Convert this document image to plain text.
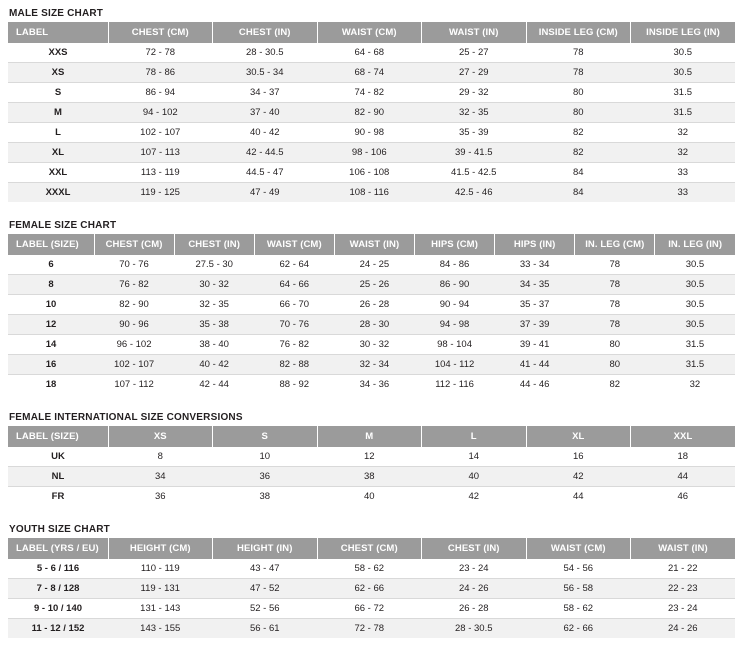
MALE SIZE CHART
LABEL	CHEST (CM)	CHEST (IN)	WAIST (CM)	WAIST (IN)	INSIDE LEG (CM)	INSIDE LEG (IN)
XXS	72 - 78	28 - 30.5	64 - 68	25 - 27	78	30.5
XS	78 - 86	30.5 - 34	68 - 74	27 - 29	78	30.5
S	86 - 94	34 - 37	74 - 82	29 - 32	80	31.5
M	94 - 102	37 - 40	82 - 90	32 - 35	80	31.5
L	102 - 107	40 - 42	90 - 98	35 - 39	82	32
XL	107 - 113	42 - 44.5	98 - 106	39 - 41.5	82	32
XXL	113 - 119	44.5 - 47	106 - 108	41.5 - 42.5	84	33
XXXL	119 - 125	47 - 49	108 - 116	42.5 - 46	84	33
FEMALE SIZE CHART
LABEL (SIZE)	CHEST (CM)	CHEST (IN)	WAIST (CM)	WAIST (IN)	HIPS (CM)	HIPS (IN)	IN. LEG (CM)	IN. LEG (IN)
6	70 - 76	27.5 - 30	62 - 64	24 - 25	84 - 86	33 - 34	78	30.5
8	76 - 82	30 - 32	64 - 66	25 - 26	86 - 90	34 - 35	78	30.5
10	82 - 90	32 - 35	66 - 70	26 - 28	90 - 94	35 - 37	78	30.5
12	90 - 96	35 - 38	70 - 76	28 - 30	94 - 98	37 - 39	78	30.5
14	96 - 102	38 - 40	76 - 82	30 - 32	98 - 104	39 - 41	80	31.5
16	102 - 107	40 - 42	82 - 88	32 - 34	104 - 112	41 - 44	80	31.5
18	107 - 112	42 - 44	88 - 92	34 - 36	112 - 116	44 - 46	82	32
FEMALE INTERNATIONAL SIZE CONVERSIONS
LABEL (SIZE)	XS	S	M	L	XL	XXL
UK	8	10	12	14	16	18
NL	34	36	38	40	42	44
FR	36	38	40	42	44	46
YOUTH SIZE CHART
LABEL (YRS / EU)	HEIGHT (CM)	HEIGHT (IN)	CHEST (CM)	CHEST (IN)	WAIST (CM)	WAIST (IN)
5 - 6 / 116	110 - 119	43 - 47	58 - 62	23 - 24	54 - 56	21 - 22
7 - 8 / 128	119 - 131	47 - 52	62 - 66	24 - 26	56 - 58	22 - 23
9 - 10 / 140	131 - 143	52 - 56	66 - 72	26 - 28	58 - 62	23 - 24
11 - 12 / 152	143 - 155	56 - 61	72 - 78	28 - 30.5	62 - 66	24 - 26
